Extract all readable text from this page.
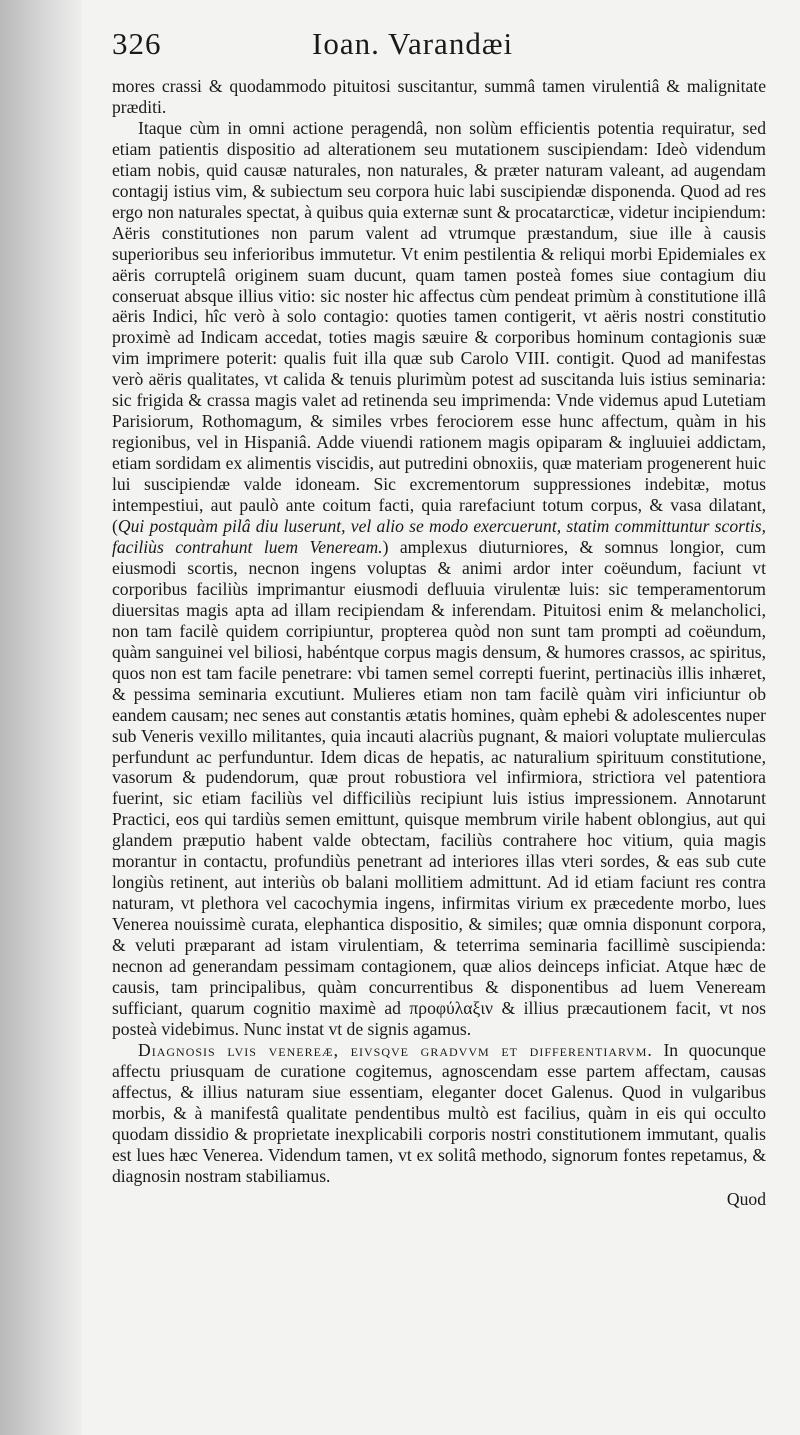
326	Ioan. Varandæi

mores crassi & quodammodo pituitosi suscitantur, summâ tamen virulentiâ & malignitate præditi.

Itaque cùm in omni actione peragendâ, non solùm efficientis potentia requiratur, sed etiam patientis dispositio ad alterationem seu mutationem suscipiendam: Ideò videndum etiam nobis, quid causæ naturales, non naturales, & præter naturam valeant, ad augendam contagij istius vim, & subiectum seu corpora huic labi suscipiendæ disponenda. Quod ad res ergo non naturales spectat, à quibus quia externæ sunt & procatarcticæ, videtur incipiendum: Aëris constitutiones non parum valent ad vtrumque præstandum, siue ille à causis superioribus seu inferioribus immutetur. Vt enim pestilentia & reliqui morbi Epidemiales ex aëris corruptelâ originem suam ducunt, quam tamen posteà fomes siue contagium diu conseruat absque illius vitio: sic noster hic affectus cùm pendeat primùm à constitutione illâ aëris Indici, hîc verò à solo contagio: quoties tamen contigerit, vt aëris nostri constitutio proximè ad Indicam accedat, toties magis sæuire & corporibus hominum contagionis suæ vim imprimere poterit: qualis fuit illa quæ sub Carolo VIII. contigit. Quod ad manifestas verò aëris qualitates, vt calida & tenuis plurimùm potest ad suscitanda luis istius seminaria: sic frigida & crassa magis valet ad retinenda seu imprimenda: Vnde videmus apud Lutetiam Parisiorum, Rothomagum, & similes vrbes ferociorem esse hunc affectum, quàm in his regionibus, vel in Hispaniâ. Adde viuendi rationem magis opiparam & ingluuiei addictam, etiam sordidam ex alimentis viscidis, aut putredini obnoxiis, quæ materiam progenerent huic lui suscipiendæ valde idoneam. Sic excrementorum suppressiones indebitæ, motus intempestiui, aut paulò ante coitum facti, quia rarefaciunt totum corpus, & vasa dilatant, (Qui postquàm pilâ diu luserunt, vel alio se modo exercuerunt, statim committuntur scortis, faciliùs contrahunt luem Veneream.) amplexus diuturniores, & somnus longior, cum eiusmodi scortis, necnon ingens voluptas & animi ardor inter coëundum, faciunt vt corporibus faciliùs imprimantur eiusmodi defluuia virulentæ luis: sic temperamentorum diuersitas magis apta ad illam recipiendam & inferendam. Pituitosi enim & melancholici, non tam facilè quidem corripiuntur, propterea quòd non sunt tam prompti ad coëundum, quàm sanguinei vel biliosi, habéntque corpus magis densum, & humores crassos, ac spiritus, quos non est tam facile penetrare: vbi tamen semel correpti fuerint, pertinaciùs illis inhæret, & pessima seminaria excutiunt. Mulieres etiam non tam facilè quàm viri inficiuntur ob eandem causam; nec senes aut constantis ætatis homines, quàm ephebi & adolescentes nuper sub Veneris vexillo militantes, quia incauti alacriùs pugnant, & maiori voluptate mulierculas perfundunt ac perfunduntur. Idem dicas de hepatis, ac naturalium spirituum constitutione, vasorum & pudendorum, quæ prout robustiora vel infirmiora, strictiora vel patentiora fuerint, sic etiam faciliùs vel difficiliùs recipiunt luis istius impressionem. Annotarunt Practici, eos qui tardiùs semen emittunt, quisque membrum virile habent oblongius, aut qui glandem præputio habent valde obtectam, faciliùs contrahere hoc vitium, quia magis morantur in contactu, profundiùs penetrant ad interiores illas vteri sordes, & eas sub cute longiùs retinent, aut interiùs ob balani mollitiem admittunt. Ad id etiam faciunt res contra naturam, vt plethora vel cacochymia ingens, infirmitas virium ex præcedente morbo, lues Venerea nouissimè curata, elephantica dispositio, & similes; quæ omnia disponunt corpora, & veluti præparant ad istam virulentiam, & teterrima seminaria facillimè suscipienda: necnon ad generandam pessimam contagionem, quæ alios deinceps inficiat. Atque hæc de causis, tam principalibus, quàm concurrentibus & disponentibus ad luem Veneream sufficiant, quarum cognitio maximè ad προφύλαξιν & illius præcautionem facit, vt nos posteà videbimus. Nunc instat vt de signis agamus.

Diagnosis lvis venereæ, eivsqve gradvvm et differentiarvm. In quocunque affectu priusquam de curatione cogitemus, agnoscendam esse partem affectam, causas affectus, & illius naturam siue essentiam, eleganter docet Galenus. Quod in vulgaribus morbis, & à manifestâ qualitate pendentibus multò est facilius, quàm in eis qui occulto quodam dissidio & proprietate inexplicabili corporis nostri constitutionem immutant, qualis est lues hæc Venerea. Videndum tamen, vt ex solitâ methodo, signorum fontes repetamus, & diagnosin nostram stabiliamus.

Quod
